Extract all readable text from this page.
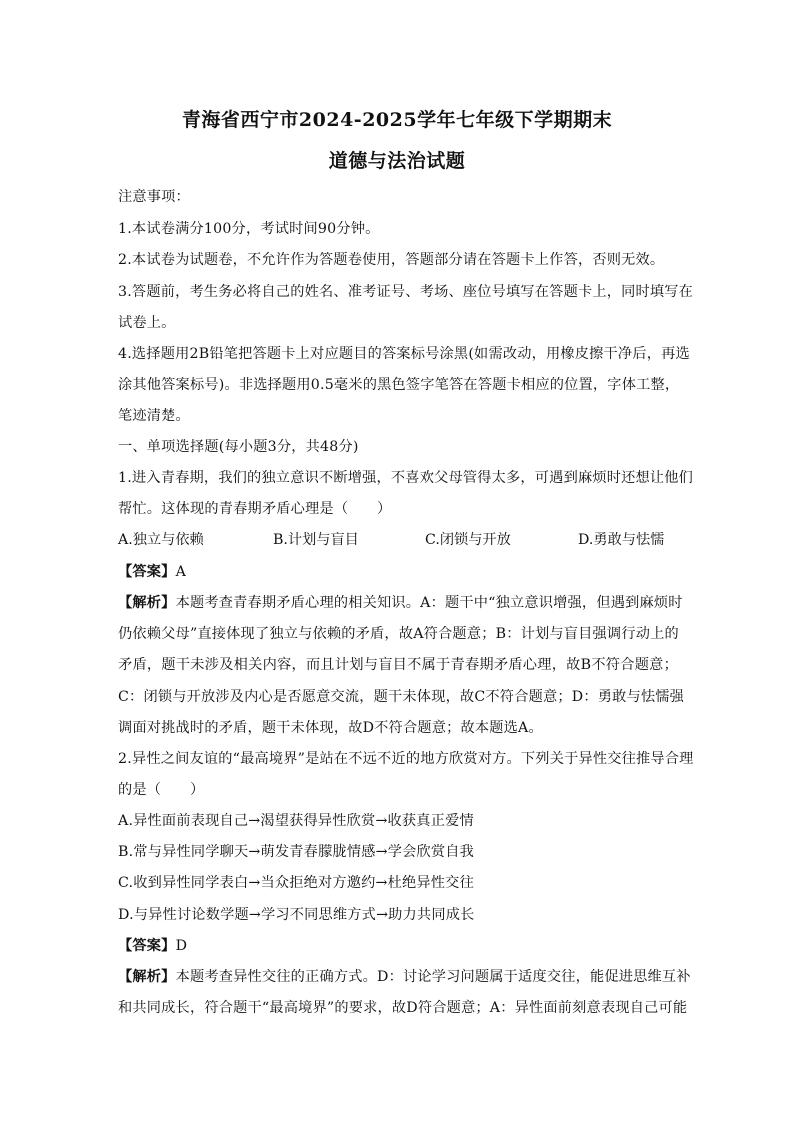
青海省西宁市2024-2025学年七年级下学期期末
道德与法治试题
注意事项：
1.本试卷满分100分，考试时间90分钟。
2.本试卷为试题卷，不允许作为答题卷使用，答题部分请在答题卡上作答，否则无效。
3.答题前，考生务必将自己的姓名、准考证号、考场、座位号填写在答题卡上，同时填写在
试卷上。
4.选择题用2B铅笔把答题卡上对应题目的答案标号涂黑(如需改动，用橡皮擦干净后，再选
涂其他答案标号)。非选择题用0.5毫米的黑色签字笔答在答题卡相应的位置，字体工整，
笔迹清楚。
一、单项选择题(每小题3分，共48分)
1.进入青春期，我们的独立意识不断增强，不喜欢父母管得太多，可遇到麻烦时还想让他们
帮忙。这体现的青春期矛盾心理是（　　）
A.独立与依赖	B.计划与盲目	C.闭锁与开放	D.勇敢与怯懦
【答案】A
【解析】本题考查青春期矛盾心理的相关知识。A：题干中“独立意识增强，但遇到麻烦时
仍依赖父母”直接体现了独立与依赖的矛盾，故A符合题意；B：计划与盲目强调行动上的
矛盾，题干未涉及相关内容，而且计划与盲目不属于青春期矛盾心理，故B不符合题意；
C：闭锁与开放涉及内心是否愿意交流，题干未体现，故C不符合题意；D：勇敢与怯懦强
调面对挑战时的矛盾，题干未体现，故D不符合题意；故本题选A。
2.异性之间友谊的“最高境界”是站在不远不近的地方欣赏对方。下列关于异性交往推导合理
的是（　　）
A.异性面前表现自己→渴望获得异性欣赏→收获真正爱情
B.常与异性同学聊天→萌发青春朦胧情感→学会欣赏自我
C.收到异性同学表白→当众拒绝对方邀约→杜绝异性交往
D.与异性讨论数学题→学习不同思维方式→助力共同成长
【答案】D
【解析】本题考查异性交往的正确方式。D：讨论学习问题属于适度交往，能促进思维互补
和共同成长，符合题干“最高境界”的要求，故D符合题意；A：异性面前刻意表现自己可能
